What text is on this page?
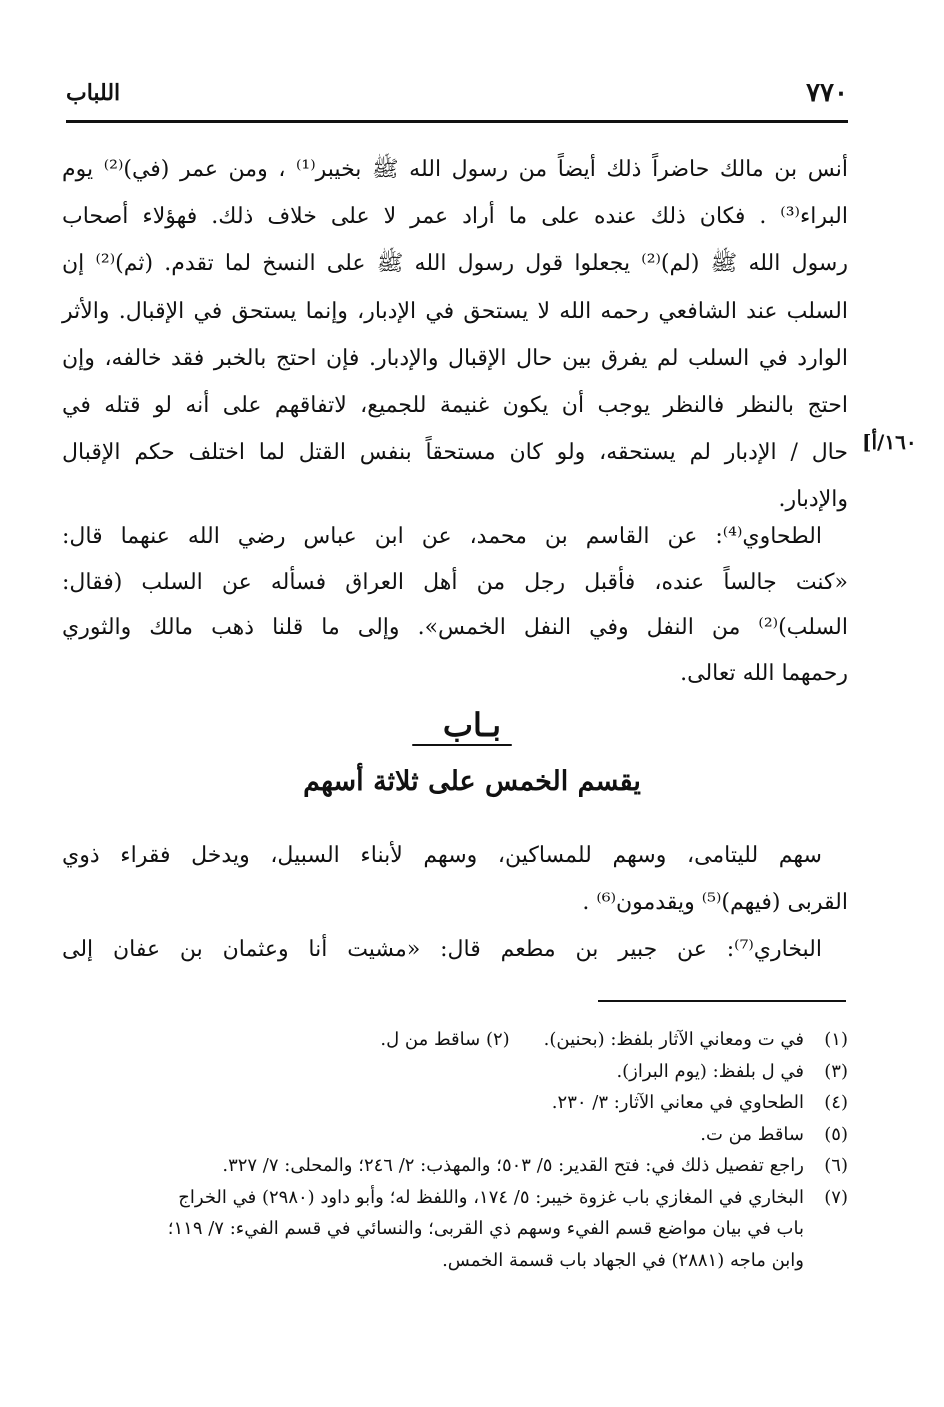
٧٧٠
اللباب
أنس بن مالك حاضراً ذلك أيضاً من رسول الله ﷺ بخيبر⁽¹⁾ ، ومن عمر (في)⁽²⁾ يوم
البراء⁽³⁾ . فكان ذلك عنده على ما أراد عمر لا على خلاف ذلك. فهؤلاء أصحاب
رسول الله ﷺ (لم)⁽²⁾ يجعلوا قول رسول الله ﷺ على النسخ لما تقدم. (ثم)⁽²⁾ إن
السلب عند الشافعي رحمه الله لا يستحق في الإدبار، وإنما يستحق في الإقبال. والأثر
الوارد في السلب لم يفرق بين حال الإقبال والإدبار. فإن احتج بالخبر فقد خالفه، وإن
احتج بالنظر فالنظر يوجب أن يكون غنيمة للجميع، لاتفاقهم على أنه لو قتله في
حال / الإدبار لم يستحقه، ولو كان مستحقاً بنفس القتل لما اختلف حكم الإقبال
والإدبار.
١٦٠/أ]
الطحاوي⁽⁴⁾: عن القاسم بن محمد، عن ابن عباس رضي الله عنهما قال:
«كنت جالساً عنده، فأقبل رجل من أهل العراق فسأله عن السلب (فقال:
السلب)⁽²⁾ من النفل وفي النفل الخمس». وإلى ما قلنا ذهب مالك والثوري
رحمهما الله تعالى.
بـاب
يقسم الخمس على ثلاثة أسهم
سهم لليتامى، وسهم للمساكين، وسهم لأبناء السبيل، ويدخل فقراء ذوي
القربى (فيهم)⁽⁵⁾ ويقدمون⁽⁶⁾ .
البخاري⁽⁷⁾: عن جبير بن مطعم قال: «مشيت أنا وعثمان بن عفان إلى
(١)
في ت ومعاني الآثار بلفظ: (بحنين).(٢) ساقط من ل.
(٣)
في ل بلفظ: (يوم البراز).
(٤)
الطحاوي في معاني الآثار: ٣/ ٢٣٠.
(٥)
ساقط من ت.
(٦)
راجع تفصيل ذلك في: فتح القدير: ٥/ ٥٠٣؛ والمهذب: ٢/ ٢٤٦؛ والمحلى: ٧/ ٣٢٧.
(٧)
البخاري في المغازي باب غزوة خيبر: ٥/ ١٧٤، واللفظ له؛ وأبو داود (٢٩٨٠) في الخراج
باب في بيان مواضع قسم الفيء وسهم ذي القربى؛ والنسائي في قسم الفيء: ٧/ ١١٩؛
وابن ماجه (٢٨٨١) في الجهاد باب قسمة الخمس.
